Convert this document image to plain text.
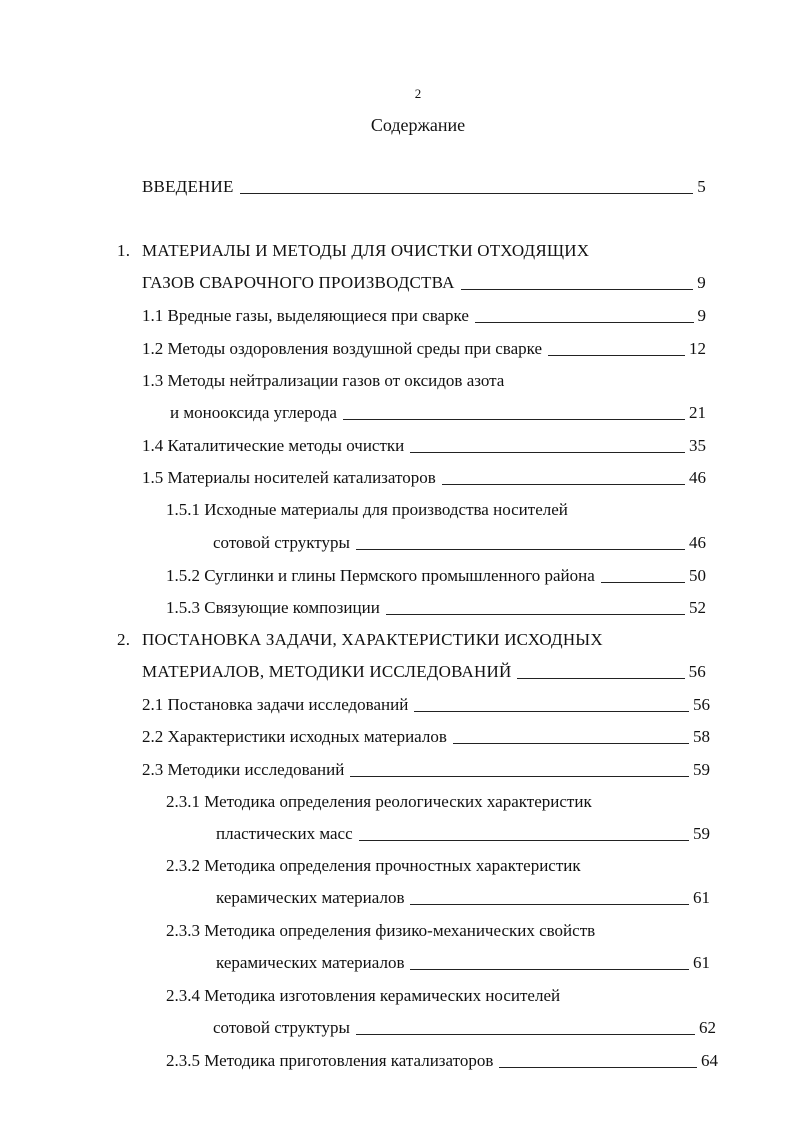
2
Содержание
ВВЕДЕНИЕ	5
1. МАТЕРИАЛЫ И МЕТОДЫ ДЛЯ ОЧИСТКИ ОТХОДЯЩИХ
ГАЗОВ СВАРОЧНОГО ПРОИЗВОДСТВА	9
1.1 Вредные газы, выделяющиеся при сварке	9
1.2 Методы оздоровления воздушной среды при сварке	12
1.3 Методы нейтрализации газов от оксидов азота
и монооксида углерода	21
1.4 Каталитические методы очистки	35
1.5 Материалы носителей катализаторов	46
1.5.1 Исходные материалы для производства носителей
сотовой структуры	46
1.5.2 Суглинки и глины Пермского промышленного района	50
1.5.3 Связующие композиции	52
2. ПОСТАНОВКА ЗАДАЧИ, ХАРАКТЕРИСТИКИ ИСХОДНЫХ
МАТЕРИАЛОВ, МЕТОДИКИ ИССЛЕДОВАНИЙ	56
2.1 Постановка задачи исследований	56
2.2 Характеристики исходных материалов	58
2.3 Методики исследований	59
2.3.1 Методика определения реологических характеристик
пластических масс	59
2.3.2 Методика определения прочностных характеристик
керамических материалов	61
2.3.3 Методика определения физико-механических свойств
керамических материалов	61
2.3.4 Методика изготовления керамических носителей
сотовой структуры	62
2.3.5 Методика приготовления катализаторов	64
